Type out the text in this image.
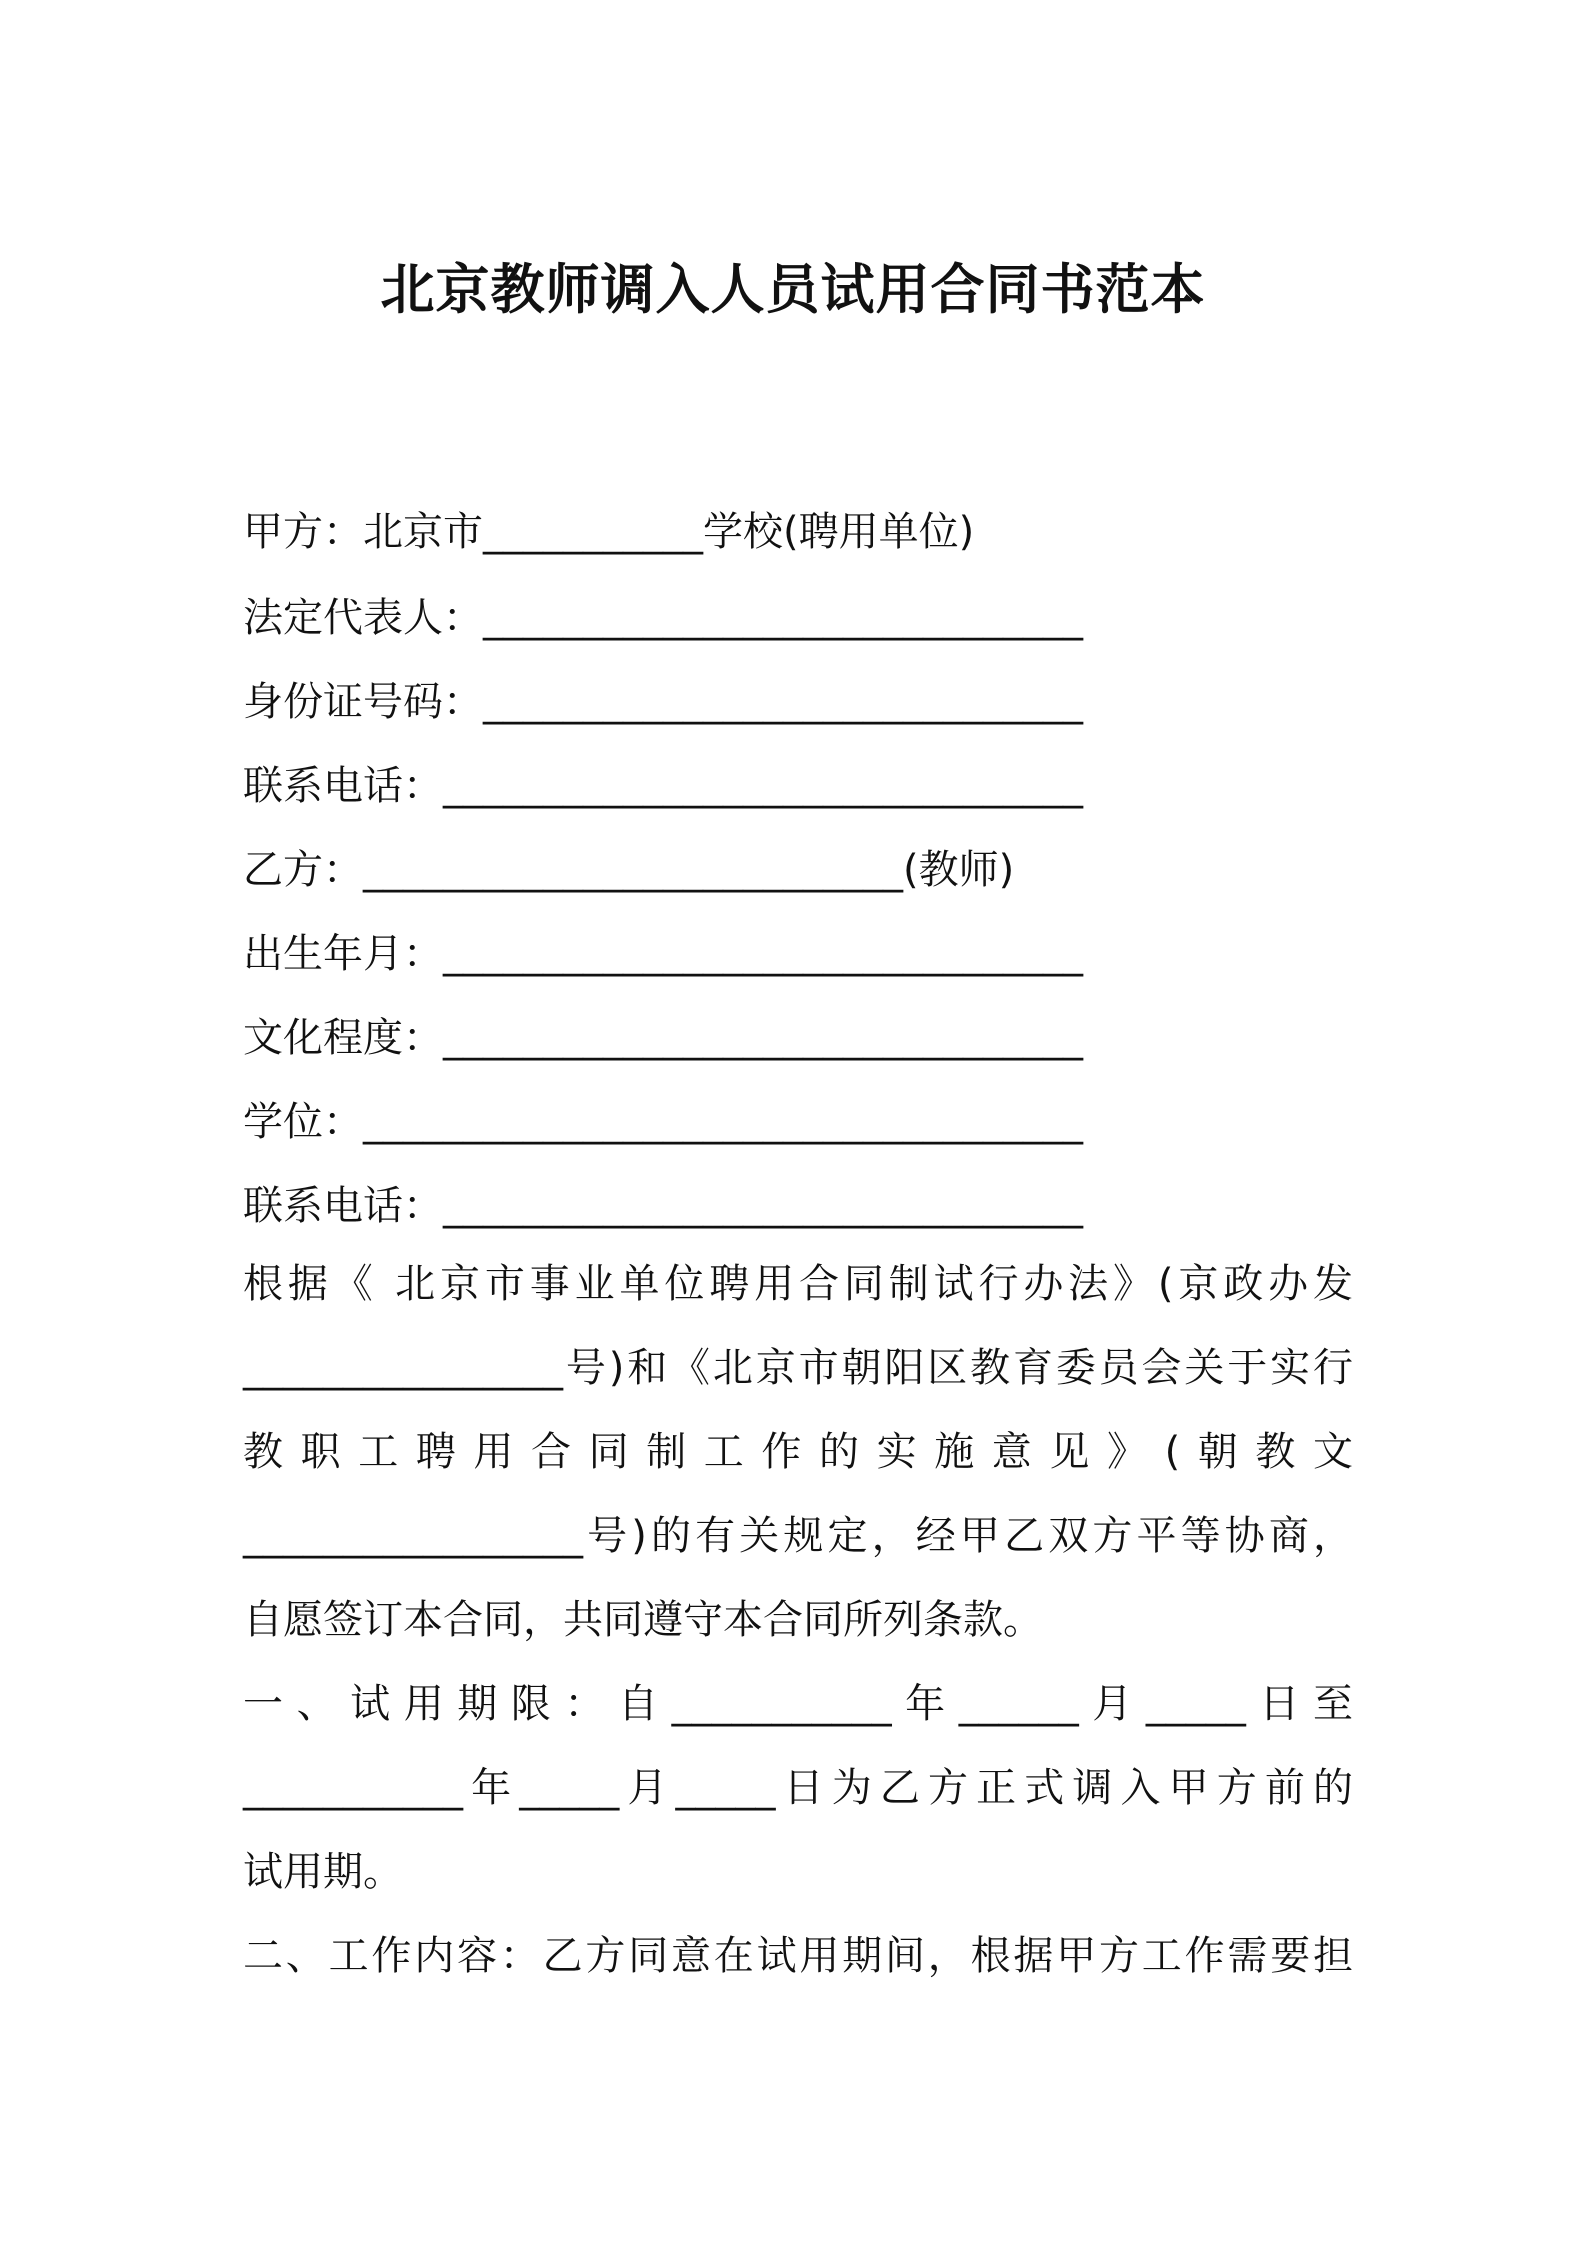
北京教师调入人员试用合同书范本
甲方：北京市___________学校(聘用单位)
法定代表人：______________________________
身份证号码：______________________________
联系电话：________________________________
乙方：___________________________(教师)
出生年月：________________________________
文化程度：________________________________
学位：____________________________________
联系电话：________________________________
根据《 北京市事业单位聘用合同制试行办法》(京政办发
________________号)和《北京市朝阳区教育委员会关于实行
教职工聘用合同制工作的实施意见》(朝教文
_________________号)的有关规定，经甲乙双方平等协商，
自愿签订本合同，共同遵守本合同所列条款。
一、试用期限：自___________年______月_____日至
___________年_____月_____日为乙方正式调入甲方前的
试用期。
二、工作内容：乙方同意在试用期间，根据甲方工作需要担
